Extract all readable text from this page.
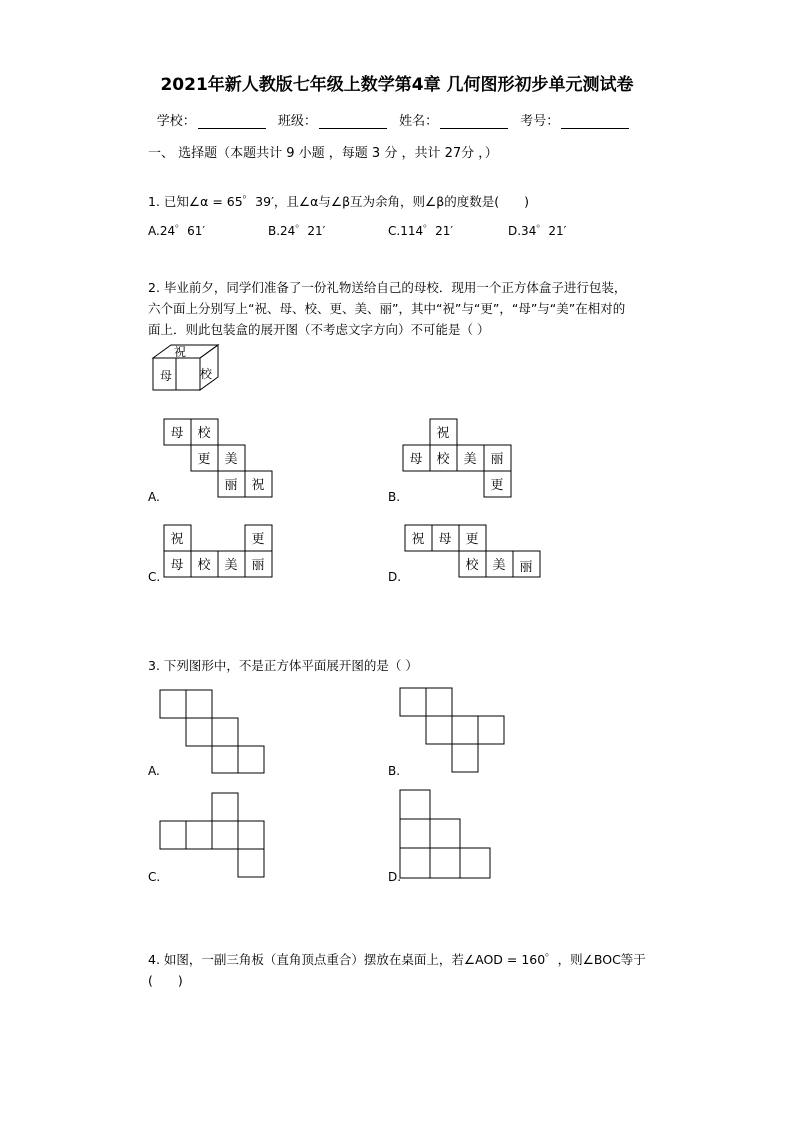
2021年新人教版七年级上数学第4章 几何图形初步单元测试卷
学校：	班级：	姓名：	考号：
一、 选择题（本题共计 9 小题 ，每题 3 分 ，共计 27分 ，）
1. 已知∠α = 65゜39′，且∠α与∠β互为余角，则∠β的度数是(　　)
A.24゜61′	B.24゜21′	C.114゜21′	D.34゜21′
2. 毕业前夕，同学们准备了一份礼物送给自己的母校．现用一个正方体盒子进行包装，
六个面上分别写上“祝、母、校、更、美、丽”，其中“祝”与“更”，“母”与“美”在相对的
面上．则此包装盒的展开图（不考虑文字方向）不可能是（ ）
祝
母 校
母 校
更 美
丽 祝
A.
祝
母 校 美 丽
更
B.
祝	更
母 校 美 丽
C.
祝 母 更
校 美 丽
D.
3. 下列图形中，不是正方体平面展开图的是（ ）
A.	B.
C.	D.
4. 如图，一副三角板（直角顶点重合）摆放在桌面上，若∠AOD = 160゜，则∠BOC等于
(　　)
